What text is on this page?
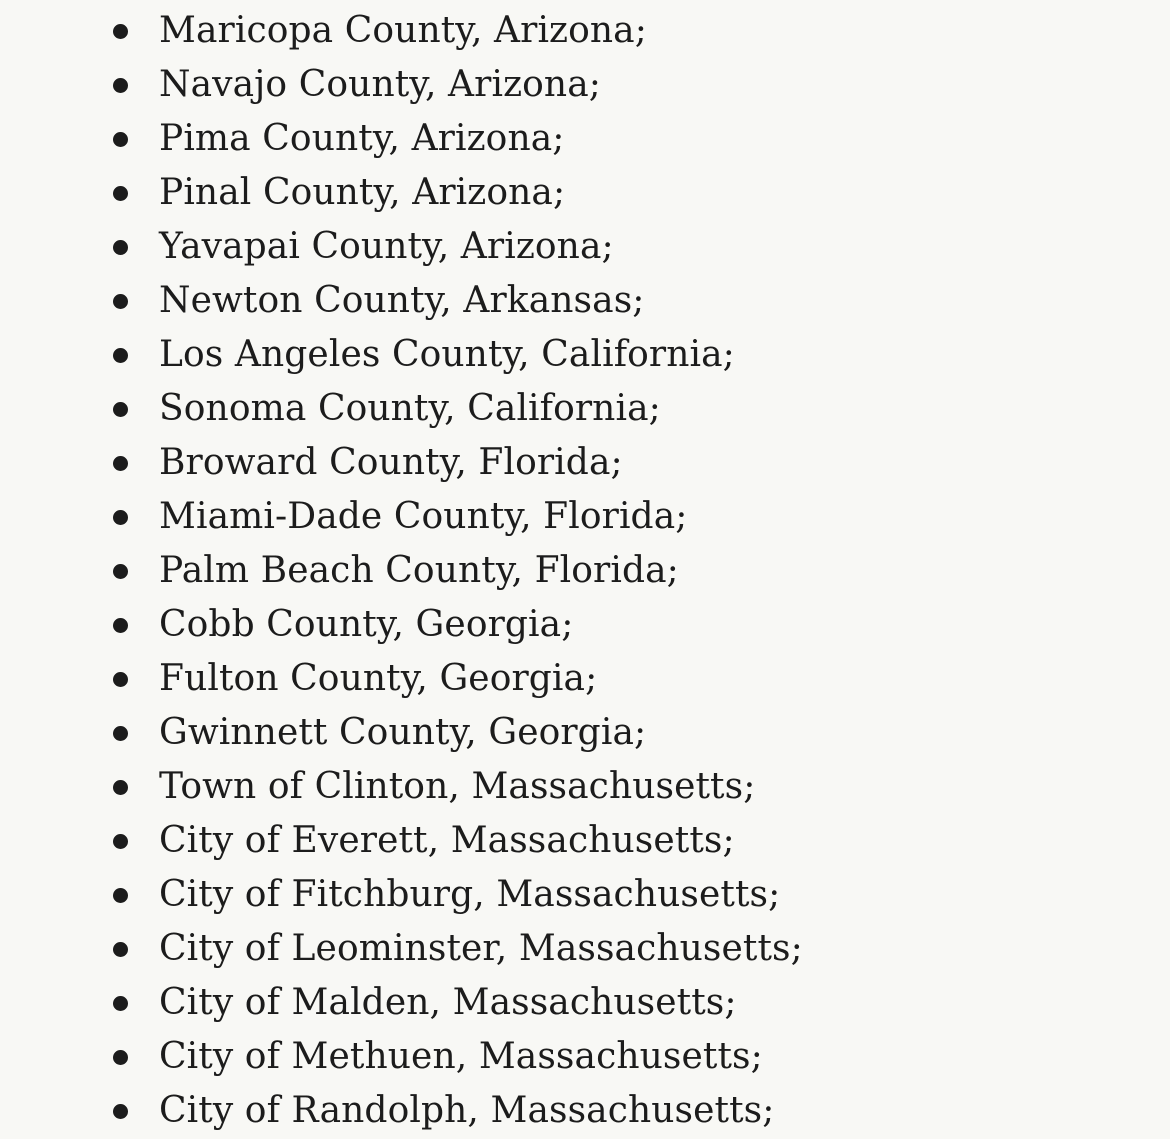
Maricopa County, Arizona;
Navajo County, Arizona;
Pima County, Arizona;
Pinal County, Arizona;
Yavapai County, Arizona;
Newton County, Arkansas;
Los Angeles County, California;
Sonoma County, California;
Broward County, Florida;
Miami-Dade County, Florida;
Palm Beach County, Florida;
Cobb County, Georgia;
Fulton County, Georgia;
Gwinnett County, Georgia;
Town of Clinton, Massachusetts;
City of Everett, Massachusetts;
City of Fitchburg, Massachusetts;
City of Leominster, Massachusetts;
City of Malden, Massachusetts;
City of Methuen, Massachusetts;
City of Randolph, Massachusetts;
